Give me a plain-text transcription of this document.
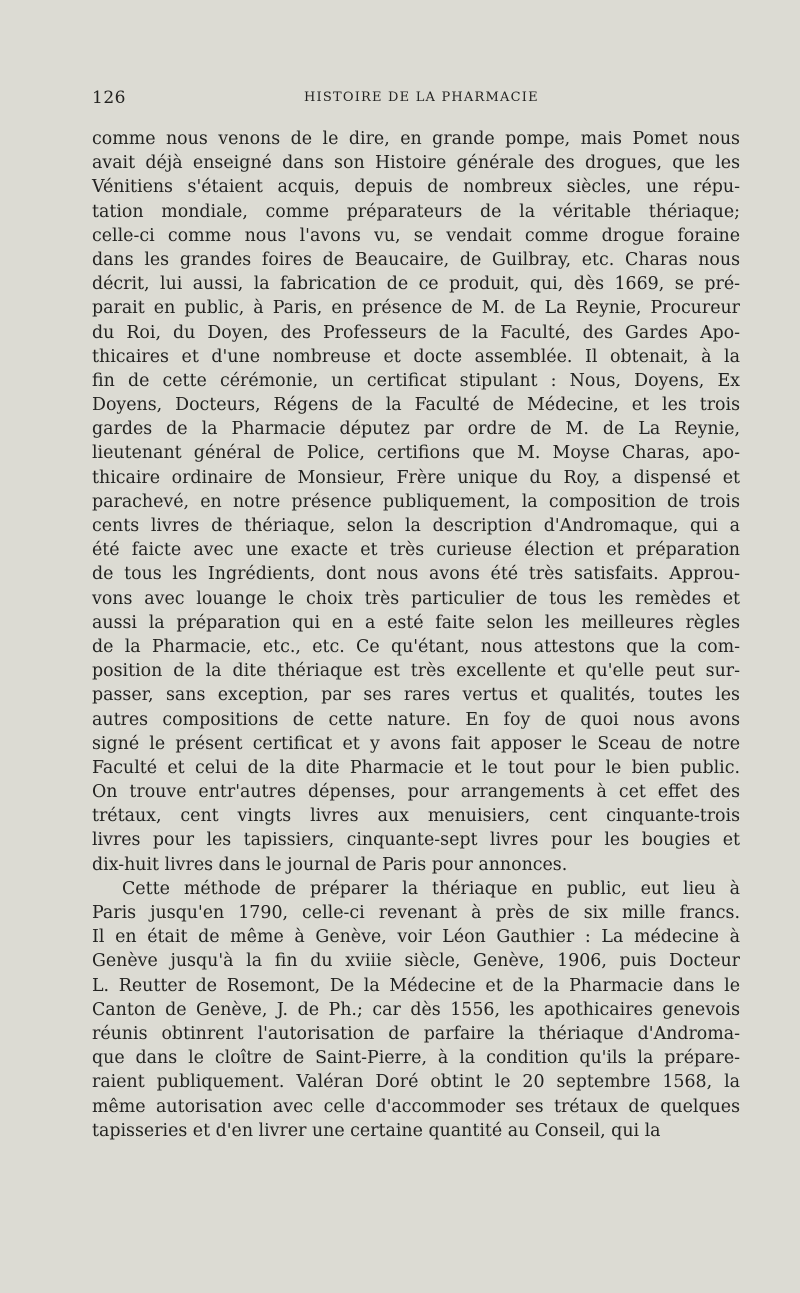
126	HISTOIRE DE LA PHARMACIE
comme nous venons de le dire, en grande pompe, mais Pomet nous
avait déjà enseigné dans son Histoire générale des drogues, que les
Vénitiens s'étaient acquis, depuis de nombreux siècles, une répu-
tation mondiale, comme préparateurs de la véritable thériaque;
celle-ci comme nous l'avons vu, se vendait comme drogue foraine
dans les grandes foires de Beaucaire, de Guilbray, etc. Charas nous
décrit, lui aussi, la fabrication de ce produit, qui, dès 1669, se pré-
parait en public, à Paris, en présence de M. de La Reynie, Procureur
du Roi, du Doyen, des Professeurs de la Faculté, des Gardes Apo-
thicaires et d'une nombreuse et docte assemblée. Il obtenait, à la
fin de cette cérémonie, un certificat stipulant : Nous, Doyens, Ex
Doyens, Docteurs, Régens de la Faculté de Médecine, et les trois
gardes de la Pharmacie députez par ordre de M. de La Reynie,
lieutenant général de Police, certifions que M. Moyse Charas, apo-
thicaire ordinaire de Monsieur, Frère unique du Roy, a dispensé et
parachevé, en notre présence publiquement, la composition de trois
cents livres de thériaque, selon la description d'Andromaque, qui a
été faicte avec une exacte et très curieuse élection et préparation
de tous les Ingrédients, dont nous avons été très satisfaits. Approu-
vons avec louange le choix très particulier de tous les remèdes et
aussi la préparation qui en a esté faite selon les meilleures règles
de la Pharmacie, etc., etc. Ce qu'étant, nous attestons que la com-
position de la dite thériaque est très excellente et qu'elle peut sur-
passer, sans exception, par ses rares vertus et qualités, toutes les
autres compositions de cette nature. En foy de quoi nous avons
signé le présent certificat et y avons fait apposer le Sceau de notre
Faculté et celui de la dite Pharmacie et le tout pour le bien public.
On trouve entr'autres dépenses, pour arrangements à cet effet des
trétaux, cent vingts livres aux menuisiers, cent cinquante-trois
livres pour les tapissiers, cinquante-sept livres pour les bougies et
dix-huit livres dans le journal de Paris pour annonces.
Cette méthode de préparer la thériaque en public, eut lieu à
Paris jusqu'en 1790, celle-ci revenant à près de six mille francs.
Il en était de même à Genève, voir Léon Gauthier : La médecine à
Genève jusqu'à la fin du xviiie siècle, Genève, 1906, puis Docteur
L. Reutter de Rosemont, De la Médecine et de la Pharmacie dans le
Canton de Genève, J. de Ph.; car dès 1556, les apothicaires genevois
réunis obtinrent l'autorisation de parfaire la thériaque d'Androma-
que dans le cloître de Saint-Pierre, à la condition qu'ils la prépare-
raient publiquement. Valéran Doré obtint le 20 septembre 1568, la
même autorisation avec celle d'accommoder ses trétaux de quelques
tapisseries et d'en livrer une certaine quantité au Conseil, qui la
